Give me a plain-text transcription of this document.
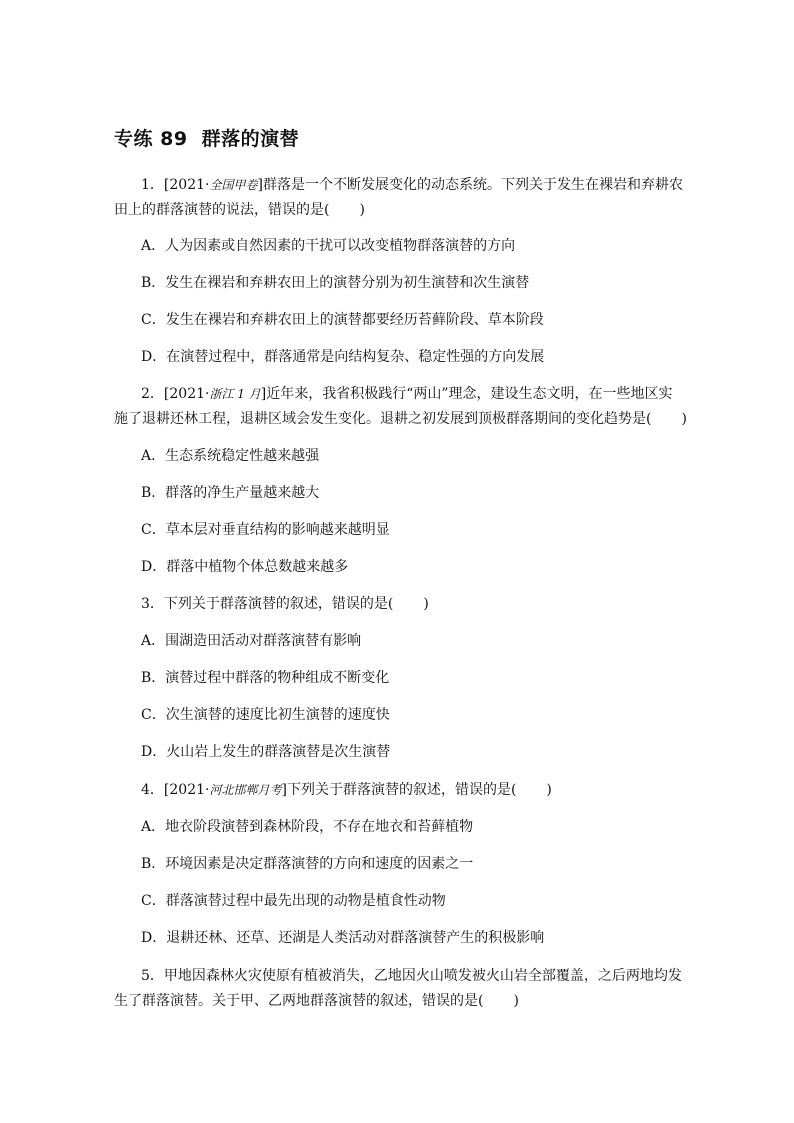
专练 89 群落的演替
1．[2021·全国甲卷]群落是一个不断发展变化的动态系统。下列关于发生在裸岩和弃耕农
田上的群落演替的说法，错误的是( )
A．人为因素或自然因素的干扰可以改变植物群落演替的方向
B．发生在裸岩和弃耕农田上的演替分别为初生演替和次生演替
C．发生在裸岩和弃耕农田上的演替都要经历苔藓阶段、草本阶段
D．在演替过程中，群落通常是向结构复杂、稳定性强的方向发展
2．[2021·浙江 1 月]近年来，我省积极践行“两山”理念，建设生态文明，在一些地区实
施了退耕还林工程，退耕区域会发生变化。退耕之初发展到顶极群落期间的变化趋势是( )
A．生态系统稳定性越来越强
B．群落的净生产量越来越大
C．草本层对垂直结构的影响越来越明显
D．群落中植物个体总数越来越多
3．下列关于群落演替的叙述，错误的是( )
A．围湖造田活动对群落演替有影响
B．演替过程中群落的物种组成不断变化
C．次生演替的速度比初生演替的速度快
D．火山岩上发生的群落演替是次生演替
4．[2021·河北邯郸月考]下列关于群落演替的叙述，错误的是( )
A．地衣阶段演替到森林阶段，不存在地衣和苔藓植物
B．环境因素是决定群落演替的方向和速度的因素之一
C．群落演替过程中最先出现的动物是植食性动物
D．退耕还林、还草、还湖是人类活动对群落演替产生的积极影响
5．甲地因森林火灾使原有植被消失，乙地因火山喷发被火山岩全部覆盖，之后两地均发
生了群落演替。关于甲、乙两地群落演替的叙述，错误的是( )
